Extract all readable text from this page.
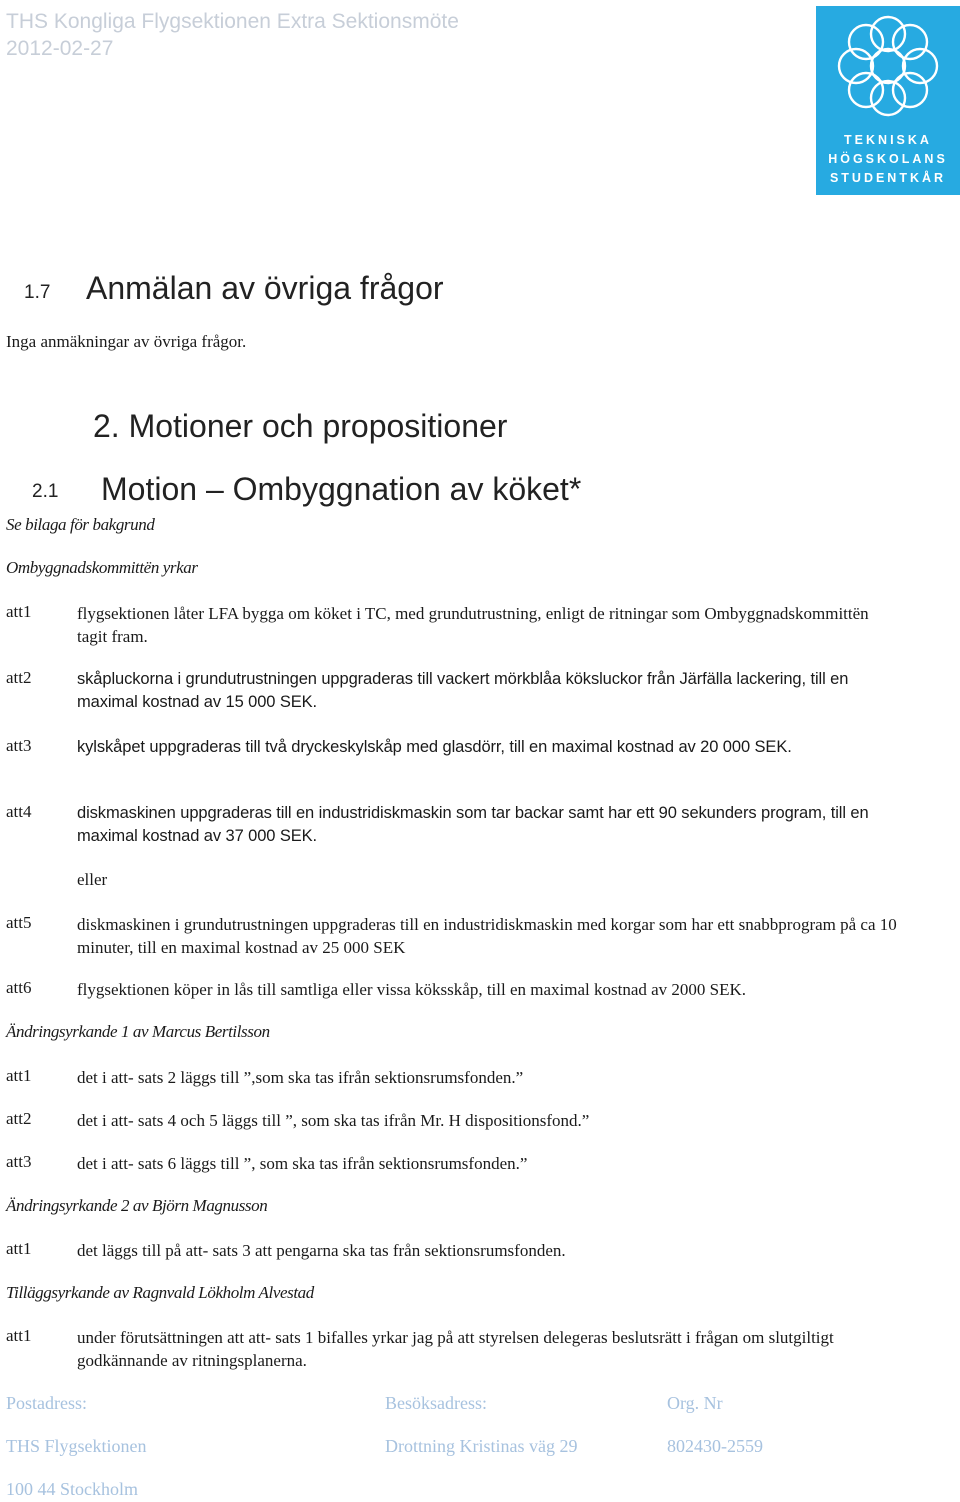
THS Kongliga Flygsektionen Extra Sektionsmöte
2012-02-27
TEKNISKA
HÖGSKOLANS
STUDENTKÅR
1.7 Anmälan av övriga frågor
Inga anmäkningar av övriga frågor.
2. Motioner och propositioner
2.1 Motion – Ombyggnation av köket*
Se bilaga för bakgrund
Ombyggnadskommittën yrkar
att1	flygsektionen låter LFA bygga om köket i TC, med grundutrustning, enligt de ritningar som Ombyggnadskommittën tagit fram.
att2	skåpluckorna i grundutrustningen uppgraderas till vackert mörkblåa köksluckor från Järfälla lackering, till en maximal kostnad av 15 000 SEK.
att3	kylskåpet uppgraderas till två dryckeskylskåp med glasdörr, till en maximal kostnad av 20 000 SEK.
att4	diskmaskinen uppgraderas till en industridiskmaskin som tar backar samt har ett 90 sekunders program, till en maximal kostnad av 37 000 SEK.
eller
att5	diskmaskinen i grundutrustningen uppgraderas till en industridiskmaskin med korgar som har ett snabbprogram på ca 10 minuter, till en maximal kostnad av 25 000 SEK
att6	flygsektionen köper in lås till samtliga eller vissa köksskåp, till en maximal kostnad av 2000 SEK.
Ändringsyrkande 1 av Marcus Bertilsson
att1	det i att- sats 2 läggs till ”,som ska tas ifrån sektionsrumsfonden.”
att2	det i att- sats 4 och 5 läggs till ”, som ska tas ifrån Mr. H dispositionsfond.”
att3	det i att- sats 6 läggs till ”, som ska tas ifrån sektionsrumsfonden.”
Ändringsyrkande 2 av Björn Magnusson
att1	det läggs till på att- sats 3 att pengarna ska tas från sektionsrumsfonden.
Tilläggsyrkande av Ragnvald Lökholm Alvestad
att1	under förutsättningen att att- sats 1 bifalles yrkar jag på att styrelsen delegeras beslutsrätt i frågan om slutgiltigt godkännande av ritningsplanerna.
Postadress:	Besöksadress:	Org. Nr
THS Flygsektionen	Drottning Kristinas väg 29	802430-2559
100 44 Stockholm
